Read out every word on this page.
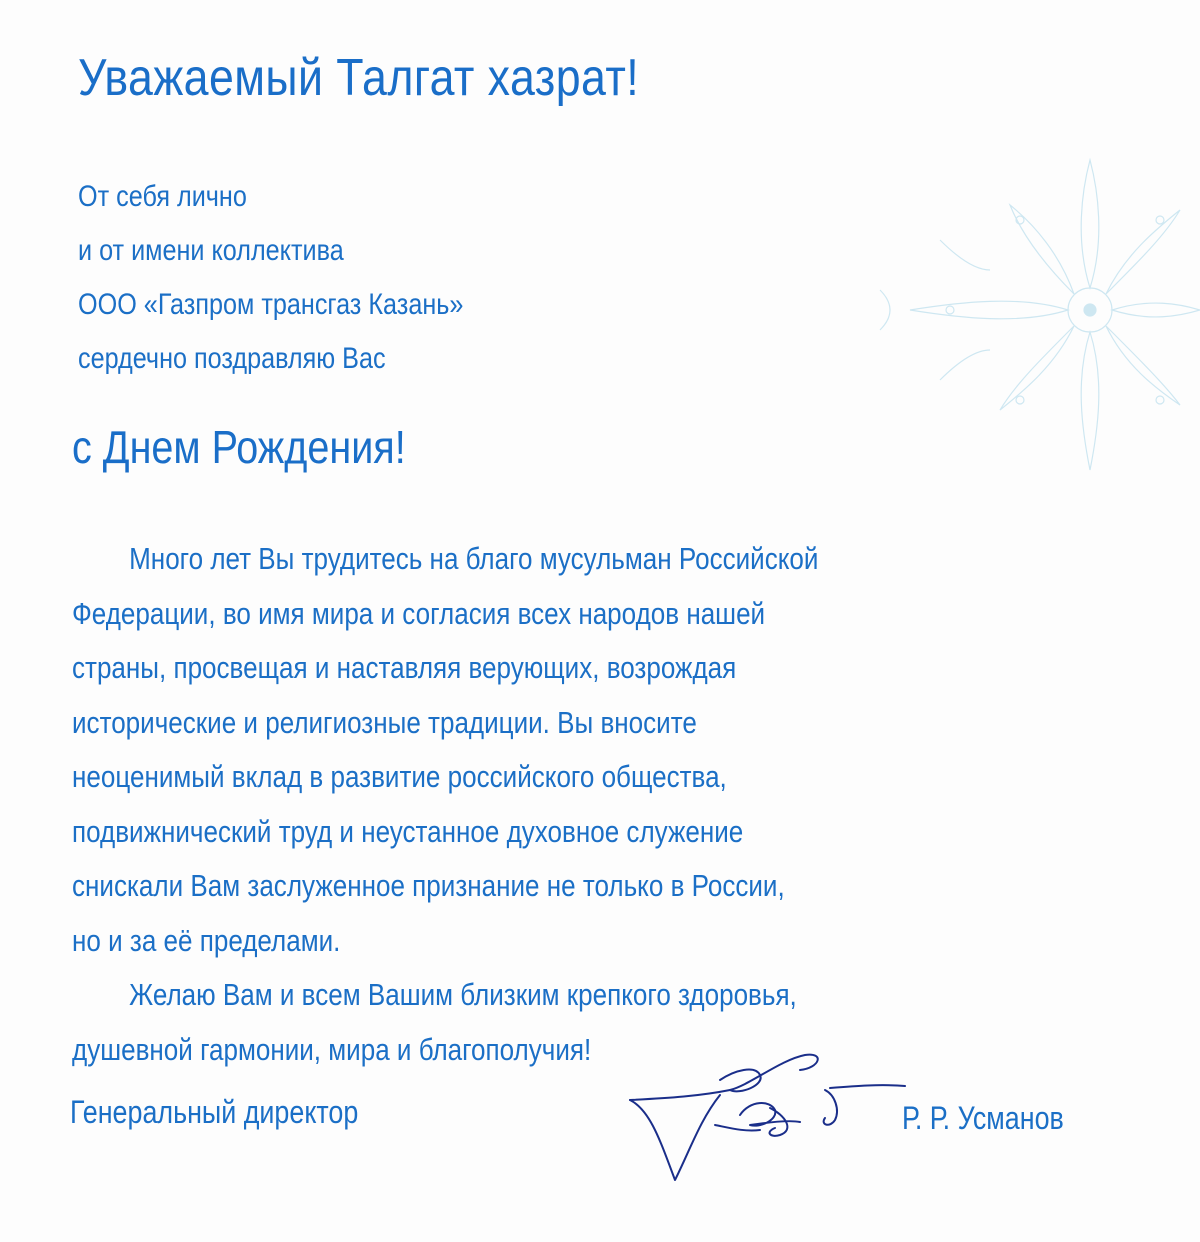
Уважаемый Талгат хазрат!
От себя лично
и от имени коллектива
ООО «Газпром трансгаз Казань»
сердечно поздравляю Вас
с Днем Рождения!
Много лет Вы трудитесь на благо мусульман Российской
Федерации, во имя мира и согласия всех народов нашей
страны, просвещая и наставляя верующих, возрождая
исторические и религиозные традиции. Вы вносите
неоценимый вклад в развитие российского общества,
подвижнический труд и неустанное духовное служение
снискали Вам заслуженное признание не только в России,
но и за её пределами.
Желаю Вам и всем Вашим близким крепкого здоровья,
душевной гармонии, мира и благополучия!
Генеральный директор	Р. Р. Усманов
